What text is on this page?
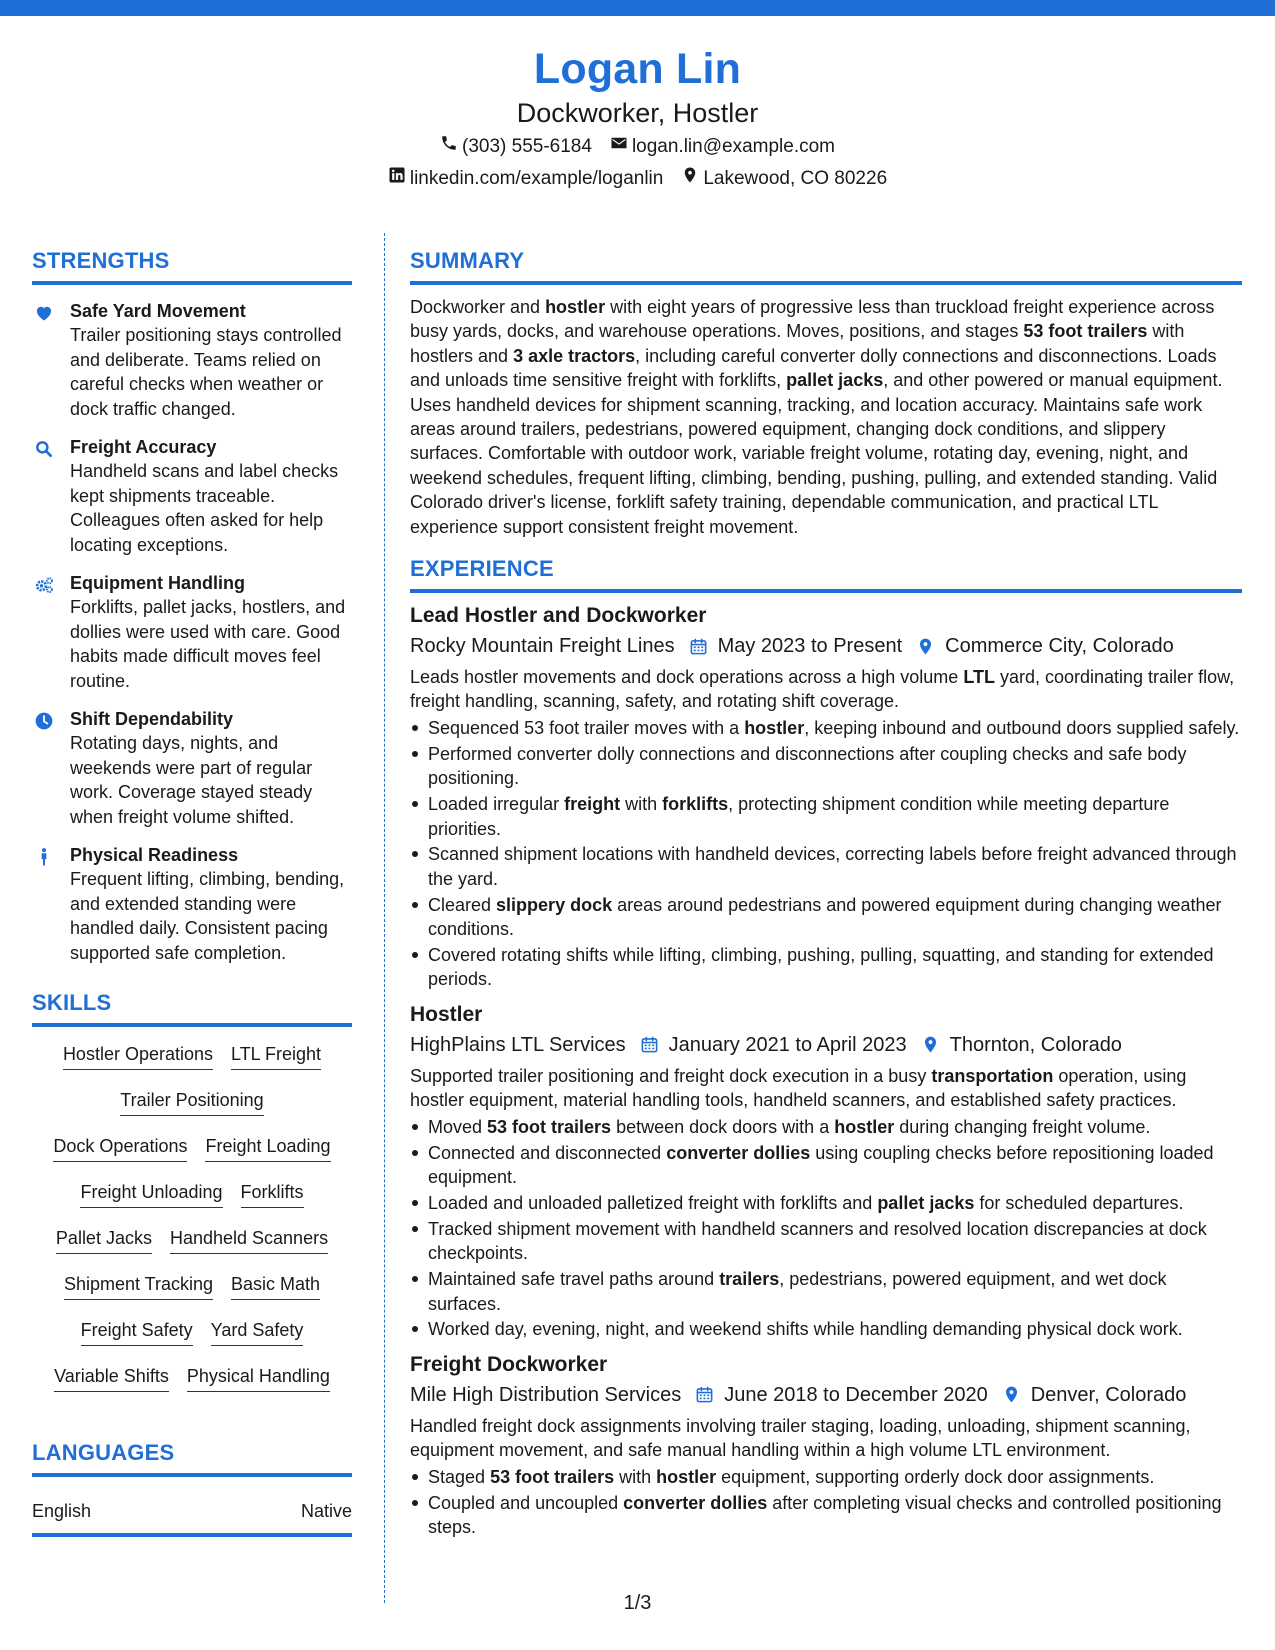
Logan Lin
Dockworker, Hostler
(303) 555-6184 logan.lin@example.com
linkedin.com/example/loganlin Lakewood, CO 80226
STRENGTHS
Safe Yard Movement
Trailer positioning stays controlled and deliberate. Teams relied on careful checks when weather or dock traffic changed.
Freight Accuracy
Handheld scans and label checks kept shipments traceable. Colleagues often asked for help locating exceptions.
Equipment Handling
Forklifts, pallet jacks, hostlers, and dollies were used with care. Good habits made difficult moves feel routine.
Shift Dependability
Rotating days, nights, and weekends were part of regular work. Coverage stayed steady when freight volume shifted.
Physical Readiness
Frequent lifting, climbing, bending, and extended standing were handled daily. Consistent pacing supported safe completion.
SKILLS
Hostler Operations LTL Freight
Trailer Positioning
Dock Operations Freight Loading
Freight Unloading Forklifts
Pallet Jacks Handheld Scanners
Shipment Tracking Basic Math
Freight Safety Yard Safety
Variable Shifts Physical Handling
LANGUAGES
English	Native
SUMMARY
Dockworker and hostler with eight years of progressive less than truckload freight experience across busy yards, docks, and warehouse operations. Moves, positions, and stages 53 foot trailers with hostlers and 3 axle tractors, including careful converter dolly connections and disconnections. Loads and unloads time sensitive freight with forklifts, pallet jacks, and other powered or manual equipment. Uses handheld devices for shipment scanning, tracking, and location accuracy. Maintains safe work areas around trailers, pedestrians, powered equipment, changing dock conditions, and slippery surfaces. Comfortable with outdoor work, variable freight volume, rotating day, evening, night, and weekend schedules, frequent lifting, climbing, bending, pushing, pulling, and extended standing. Valid Colorado driver's license, forklift safety training, dependable communication, and practical LTL experience support consistent freight movement.
EXPERIENCE
Lead Hostler and Dockworker
Rocky Mountain Freight Lines May 2023 to Present Commerce City, Colorado
Leads hostler movements and dock operations across a high volume LTL yard, coordinating trailer flow, freight handling, scanning, safety, and rotating shift coverage.
Sequenced 53 foot trailer moves with a hostler, keeping inbound and outbound doors supplied safely.
Performed converter dolly connections and disconnections after coupling checks and safe body positioning.
Loaded irregular freight with forklifts, protecting shipment condition while meeting departure priorities.
Scanned shipment locations with handheld devices, correcting labels before freight advanced through the yard.
Cleared slippery dock areas around pedestrians and powered equipment during changing weather conditions.
Covered rotating shifts while lifting, climbing, pushing, pulling, squatting, and standing for extended periods.
Hostler
HighPlains LTL Services January 2021 to April 2023 Thornton, Colorado
Supported trailer positioning and freight dock execution in a busy transportation operation, using hostler equipment, material handling tools, handheld scanners, and established safety practices.
Moved 53 foot trailers between dock doors with a hostler during changing freight volume.
Connected and disconnected converter dollies using coupling checks before repositioning loaded equipment.
Loaded and unloaded palletized freight with forklifts and pallet jacks for scheduled departures.
Tracked shipment movement with handheld scanners and resolved location discrepancies at dock checkpoints.
Maintained safe travel paths around trailers, pedestrians, powered equipment, and wet dock surfaces.
Worked day, evening, night, and weekend shifts while handling demanding physical dock work.
Freight Dockworker
Mile High Distribution Services June 2018 to December 2020 Denver, Colorado
Handled freight dock assignments involving trailer staging, loading, unloading, shipment scanning, equipment movement, and safe manual handling within a high volume LTL environment.
Staged 53 foot trailers with hostler equipment, supporting orderly dock door assignments.
Coupled and uncoupled converter dollies after completing visual checks and controlled positioning steps.
1/3
